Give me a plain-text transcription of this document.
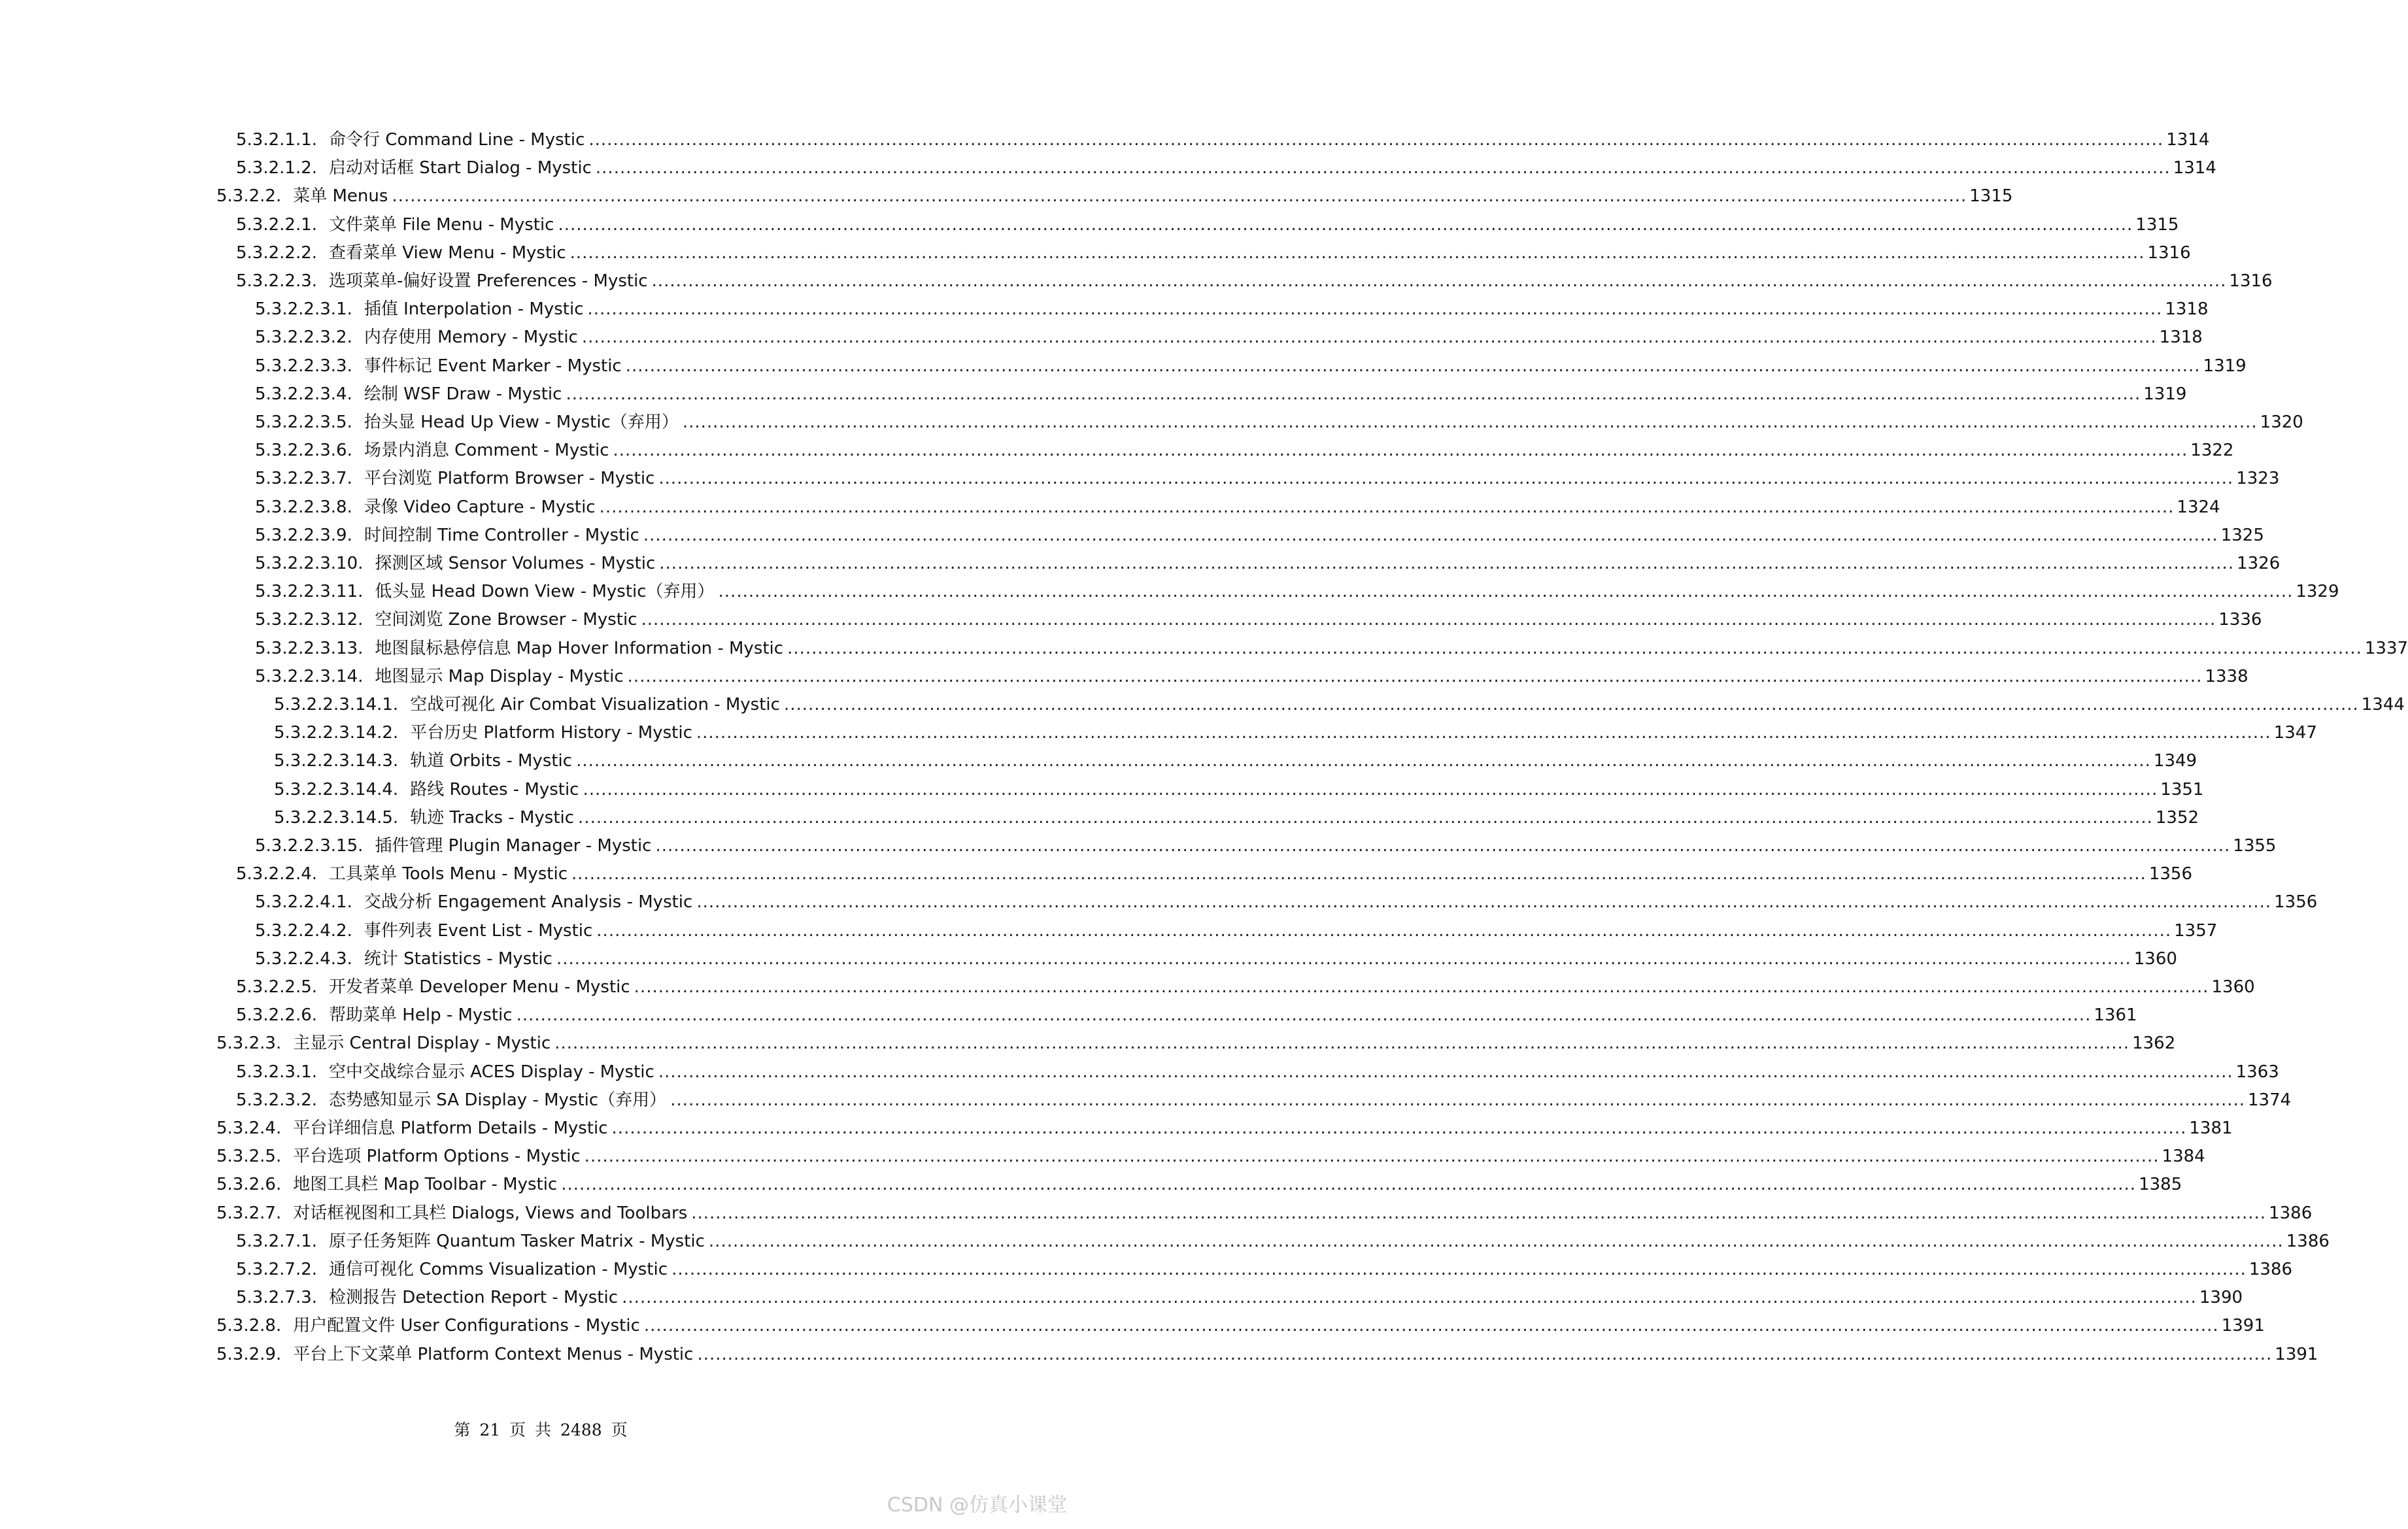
5.3.2.1.1. 命令行 Command Line - Mystic .................................................................................................................................................................................................................................................................... 1314
5.3.2.1.2. 启动对话框 Start Dialog - Mystic .................................................................................................................................................................................................................................................................... 1314
5.3.2.2. 菜单 Menus .................................................................................................................................................................................................................................................................... 1315
5.3.2.2.1. 文件菜单 File Menu - Mystic .................................................................................................................................................................................................................................................................... 1315
5.3.2.2.2. 查看菜单 View Menu - Mystic .................................................................................................................................................................................................................................................................... 1316
5.3.2.2.3. 选项菜单-偏好设置 Preferences - Mystic .................................................................................................................................................................................................................................................................... 1316
5.3.2.2.3.1. 插值 Interpolation - Mystic .................................................................................................................................................................................................................................................................... 1318
5.3.2.2.3.2. 内存使用 Memory - Mystic .................................................................................................................................................................................................................................................................... 1318
5.3.2.2.3.3. 事件标记 Event Marker - Mystic .................................................................................................................................................................................................................................................................... 1319
5.3.2.2.3.4. 绘制 WSF Draw - Mystic .................................................................................................................................................................................................................................................................... 1319
5.3.2.2.3.5. 抬头显 Head Up View - Mystic（弃用） .................................................................................................................................................................................................................................................................... 1320
5.3.2.2.3.6. 场景内消息 Comment - Mystic .................................................................................................................................................................................................................................................................... 1322
5.3.2.2.3.7. 平台浏览 Platform Browser - Mystic .................................................................................................................................................................................................................................................................... 1323
5.3.2.2.3.8. 录像 Video Capture - Mystic .................................................................................................................................................................................................................................................................... 1324
5.3.2.2.3.9. 时间控制 Time Controller - Mystic .................................................................................................................................................................................................................................................................... 1325
5.3.2.2.3.10. 探测区域 Sensor Volumes - Mystic .................................................................................................................................................................................................................................................................... 1326
5.3.2.2.3.11. 低头显 Head Down View - Mystic（弃用） .................................................................................................................................................................................................................................................................... 1329
5.3.2.2.3.12. 空间浏览 Zone Browser - Mystic .................................................................................................................................................................................................................................................................... 1336
5.3.2.2.3.13. 地图鼠标悬停信息 Map Hover Information - Mystic .................................................................................................................................................................................................................................................................... 1337
5.3.2.2.3.14. 地图显示 Map Display - Mystic .................................................................................................................................................................................................................................................................... 1338
5.3.2.2.3.14.1. 空战可视化 Air Combat Visualization - Mystic .................................................................................................................................................................................................................................................................... 1344
5.3.2.2.3.14.2. 平台历史 Platform History - Mystic .................................................................................................................................................................................................................................................................... 1347
5.3.2.2.3.14.3. 轨道 Orbits - Mystic .................................................................................................................................................................................................................................................................... 1349
5.3.2.2.3.14.4. 路线 Routes - Mystic .................................................................................................................................................................................................................................................................... 1351
5.3.2.2.3.14.5. 轨迹 Tracks - Mystic .................................................................................................................................................................................................................................................................... 1352
5.3.2.2.3.15. 插件管理 Plugin Manager - Mystic .................................................................................................................................................................................................................................................................... 1355
5.3.2.2.4. 工具菜单 Tools Menu - Mystic .................................................................................................................................................................................................................................................................... 1356
5.3.2.2.4.1. 交战分析 Engagement Analysis - Mystic .................................................................................................................................................................................................................................................................... 1356
5.3.2.2.4.2. 事件列表 Event List - Mystic .................................................................................................................................................................................................................................................................... 1357
5.3.2.2.4.3. 统计 Statistics - Mystic .................................................................................................................................................................................................................................................................... 1360
5.3.2.2.5. 开发者菜单 Developer Menu - Mystic .................................................................................................................................................................................................................................................................... 1360
5.3.2.2.6. 帮助菜单 Help - Mystic .................................................................................................................................................................................................................................................................... 1361
5.3.2.3. 主显示 Central Display - Mystic .................................................................................................................................................................................................................................................................... 1362
5.3.2.3.1. 空中交战综合显示 ACES Display - Mystic .................................................................................................................................................................................................................................................................... 1363
5.3.2.3.2. 态势感知显示 SA Display - Mystic（弃用） .................................................................................................................................................................................................................................................................... 1374
5.3.2.4. 平台详细信息 Platform Details - Mystic .................................................................................................................................................................................................................................................................... 1381
5.3.2.5. 平台选项 Platform Options - Mystic .................................................................................................................................................................................................................................................................... 1384
5.3.2.6. 地图工具栏 Map Toolbar - Mystic .................................................................................................................................................................................................................................................................... 1385
5.3.2.7. 对话框视图和工具栏 Dialogs, Views and Toolbars .................................................................................................................................................................................................................................................................... 1386
5.3.2.7.1. 原子任务矩阵 Quantum Tasker Matrix - Mystic .................................................................................................................................................................................................................................................................... 1386
5.3.2.7.2. 通信可视化 Comms Visualization - Mystic .................................................................................................................................................................................................................................................................... 1386
5.3.2.7.3. 检测报告 Detection Report - Mystic .................................................................................................................................................................................................................................................................... 1390
5.3.2.8. 用户配置文件 User Configurations - Mystic .................................................................................................................................................................................................................................................................... 1391
5.3.2.9. 平台上下文菜单 Platform Context Menus - Mystic .................................................................................................................................................................................................................................................................... 1391
第 21 页 共 2488 页
CSDN @仿真小课堂
